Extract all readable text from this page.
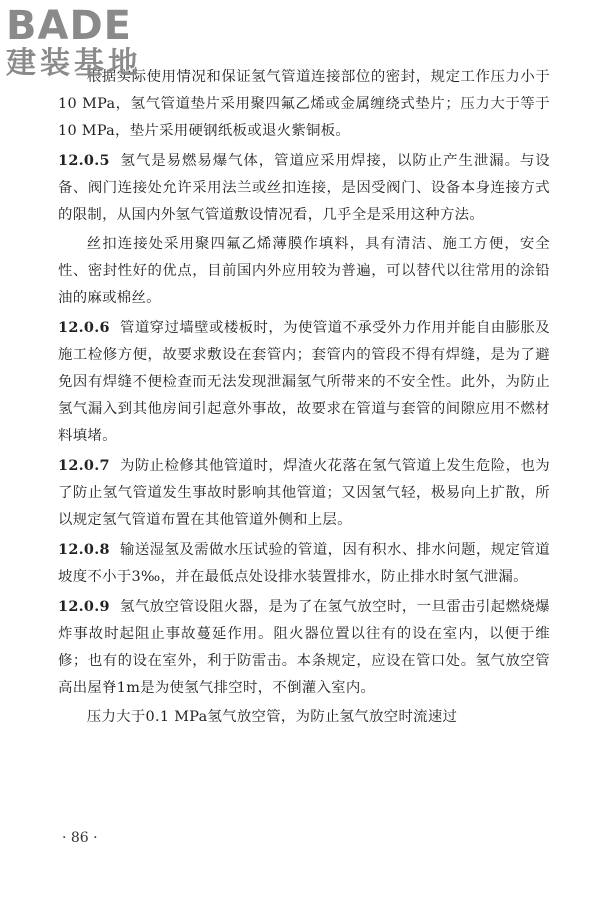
BADE
建装基地

根据实际使用情况和保证氢气管道连接部位的密封，规定工作压力小于10 MPa，氢气管道垫片采用聚四氟乙烯或金属缠绕式垫片；压力大于等于10 MPa，垫片采用硬钢纸板或退火紫铜板。

12.0.5 氢气是易燃易爆气体，管道应采用焊接，以防止产生泄漏。与设备、阀门连接处允许采用法兰或丝扣连接，是因受阀门、设备本身连接方式的限制，从国内外氢气管道敷设情况看，几乎全是采用这种方法。

丝扣连接处采用聚四氟乙烯薄膜作填料，具有清洁、施工方便，安全性、密封性好的优点，目前国内外应用较为普遍，可以替代以往常用的涂铅油的麻或棉丝。

12.0.6 管道穿过墙壁或楼板时，为使管道不承受外力作用并能自由膨胀及施工检修方便，故要求敷设在套管内；套管内的管段不得有焊缝，是为了避免因有焊缝不便检查而无法发现泄漏氢气所带来的不安全性。此外，为防止氢气漏入到其他房间引起意外事故，故要求在管道与套管的间隙应用不燃材料填堵。

12.0.7 为防止检修其他管道时，焊渣火花落在氢气管道上发生危险，也为了防止氢气管道发生事故时影响其他管道；又因氢气轻，极易向上扩散，所以规定氢气管道布置在其他管道外侧和上层。

12.0.8 输送湿氢及需做水压试验的管道，因有积水、排水问题，规定管道坡度不小于3‰，并在最低点处设排水装置排水，防止排水时氢气泄漏。

12.0.9 氢气放空管设阻火器，是为了在氢气放空时，一旦雷击引起燃烧爆炸事故时起阻止事故蔓延作用。阻火器位置以往有的设在室内，以便于维修；也有的设在室外，利于防雷击。本条规定，应设在管口处。氢气放空管高出屋脊1m是为使氢气排空时，不倒灌入室内。

压力大于0.1 MPa氢气放空管，为防止氢气放空时流速过

· 86 ·
